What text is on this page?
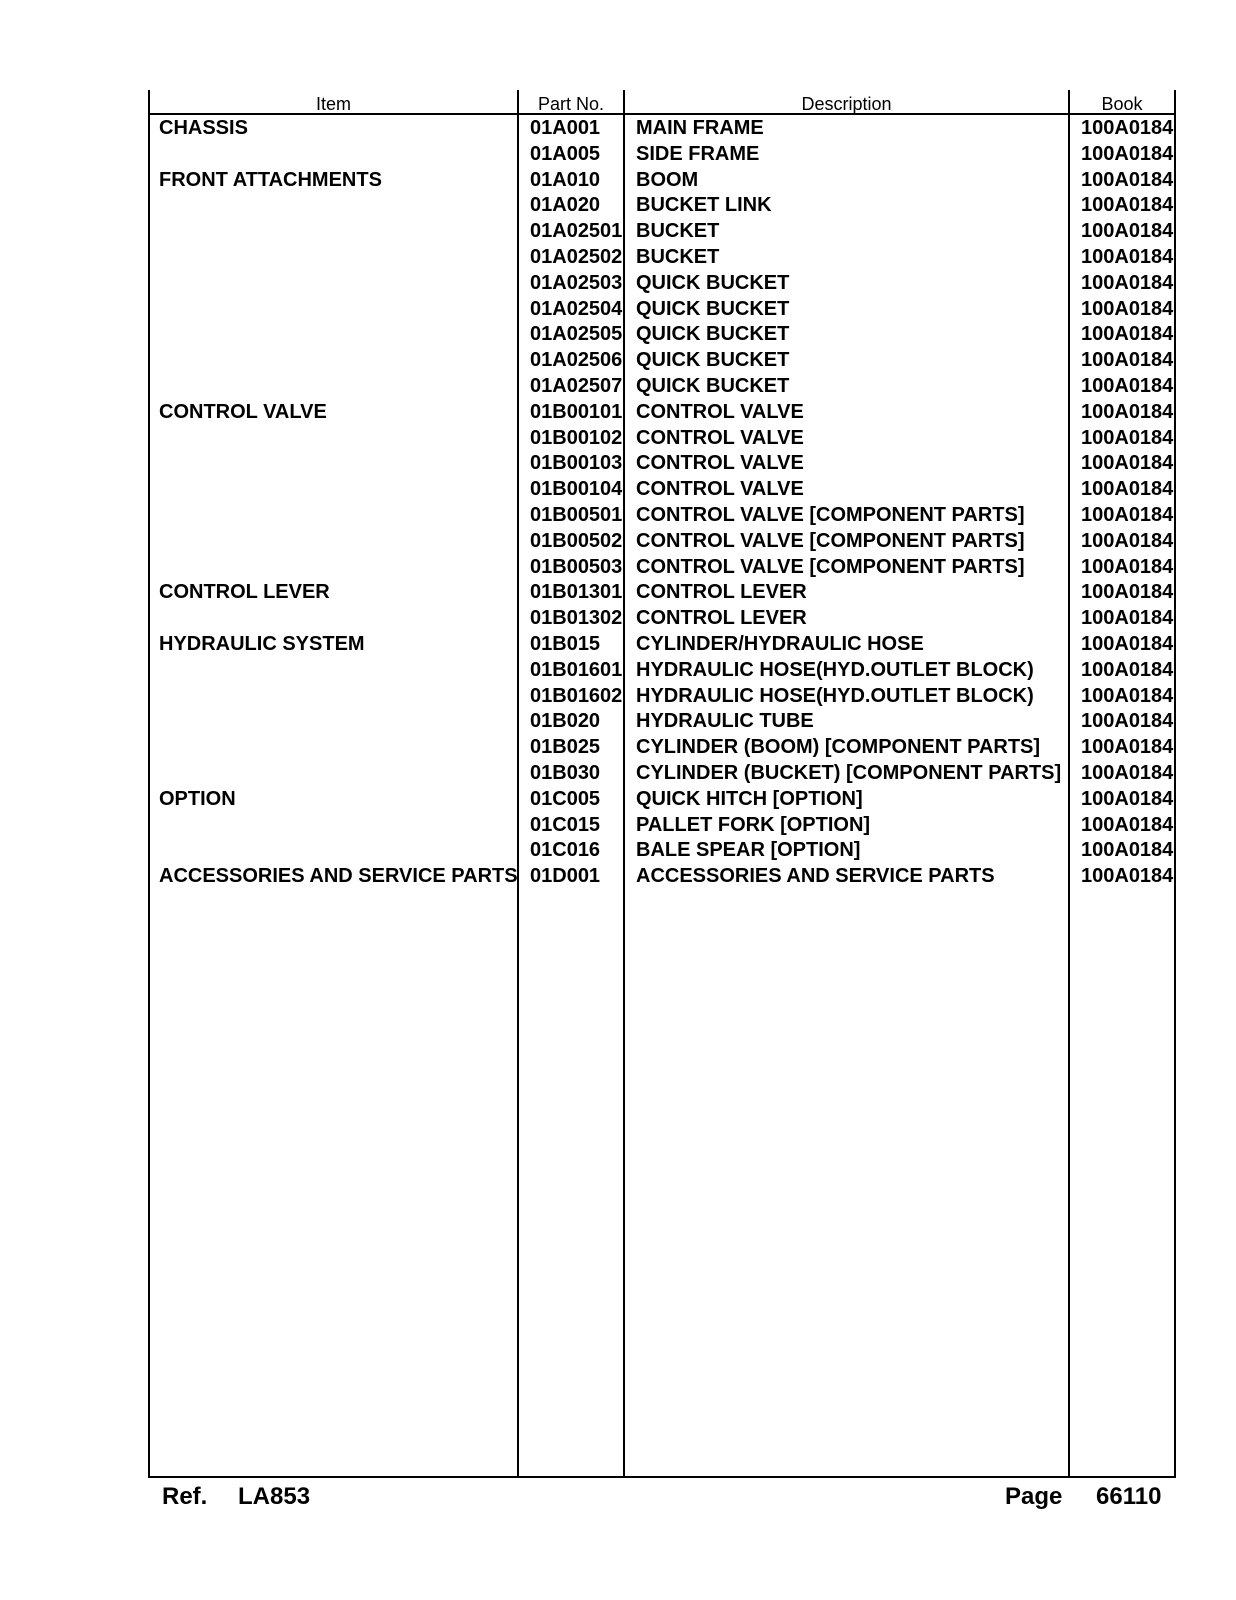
Item	Part No.	Description	Book
CHASSIS	01A001 MAIN FRAME	100A0184
01A005 SIDE FRAME	100A0184
FRONT ATTACHMENTS	01A010 BOOM	100A0184
01A020 BUCKET LINK	100A0184
01A02501 BUCKET	100A0184
01A02502 BUCKET	100A0184
01A02503 QUICK BUCKET	100A0184
01A02504 QUICK BUCKET	100A0184
01A02505 QUICK BUCKET	100A0184
01A02506 QUICK BUCKET	100A0184
01A02507 QUICK BUCKET	100A0184
CONTROL VALVE	01B00101 CONTROL VALVE	100A0184
01B00102 CONTROL VALVE	100A0184
01B00103 CONTROL VALVE	100A0184
01B00104 CONTROL VALVE	100A0184
01B00501 CONTROL VALVE [COMPONENT PARTS]	100A0184
01B00502 CONTROL VALVE [COMPONENT PARTS]	100A0184
01B00503 CONTROL VALVE [COMPONENT PARTS]	100A0184
CONTROL LEVER	01B01301 CONTROL LEVER	100A0184
01B01302 CONTROL LEVER	100A0184
HYDRAULIC SYSTEM	01B015 CYLINDER/HYDRAULIC HOSE	100A0184
01B01601 HYDRAULIC HOSE(HYD.OUTLET BLOCK) 100A0184
01B01602 HYDRAULIC HOSE(HYD.OUTLET BLOCK) 100A0184
01B020 HYDRAULIC TUBE	100A0184
01B025 CYLINDER (BOOM) [COMPONENT PARTS] 100A0184
01B030 CYLINDER (BUCKET) [COMPONENT PARTS] 100A0184
OPTION	01C005 QUICK HITCH [OPTION]	100A0184
01C015 PALLET FORK [OPTION]	100A0184
01C016 BALE SPEAR [OPTION]	100A0184
ACCESSORIES AND SERVICE PARTS 01D001 ACCESSORIES AND SERVICE PARTS	100A0184
Ref. LA853	Page 66110
